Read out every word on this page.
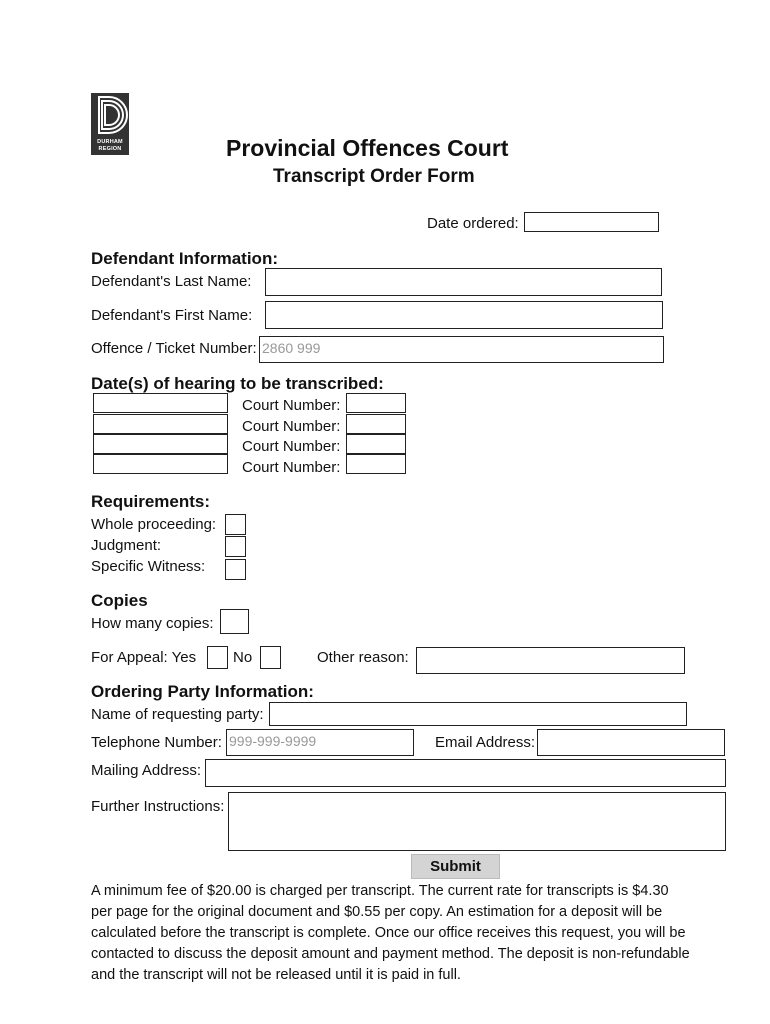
DURHAM
REGION	Provincial Offences Court
Transcript Order Form
Date ordered:
Defendant Information:
Defendant's Last Name:
Defendant's First Name:
Offence / Ticket Number: 2860 999
Date(s) of hearing to be transcribed:
Court Number:
Court Number:
Court Number:
Court Number:
Requirements:
Whole proceeding:
Judgment:
Specific Witness:
Copies
How many copies:
For Appeal: Yes No	Other reason:
Ordering Party Information:
Name of requesting party:
Telephone Number: 999-999-9999	Email Address:
Mailing Address:
Further Instructions:
Submit
A minimum fee of $20.00 is charged per transcript. The current rate for transcripts is $4.30 per page for the original document and $0.55 per copy. An estimation for a deposit will be calculated before the transcript is complete. Once our office receives this request, you will be contacted to discuss the deposit amount and payment method. The deposit is non-refundable and the transcript will not be released until it is paid in full.
